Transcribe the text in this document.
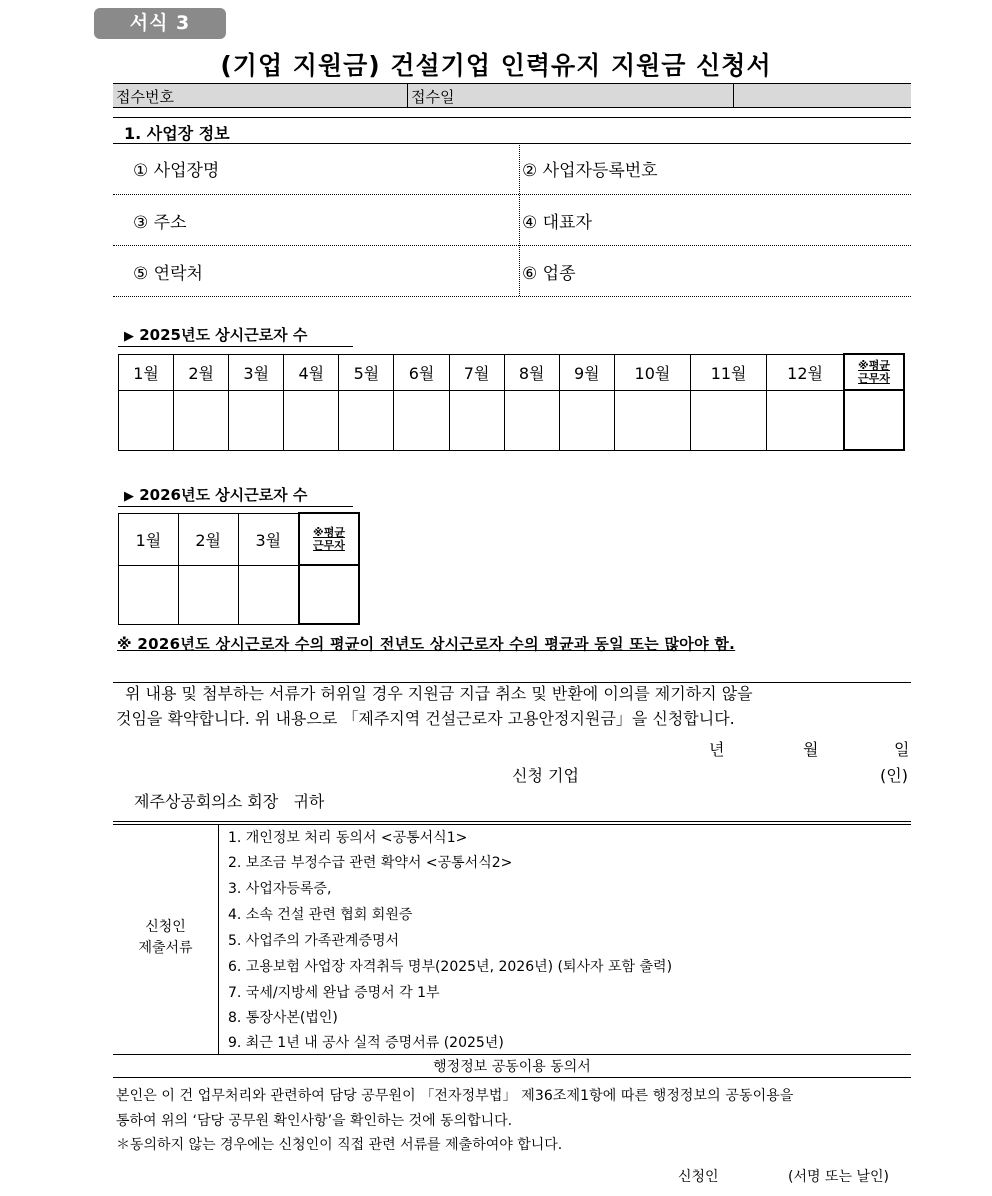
서식 3
(기업 지원금) 건설기업 인력유지 지원금 신청서
접수번호	접수일
1. 사업장 정보
① 사업장명	② 사업자등록번호
③ 주소	④ 대표자
⑤ 연락처	⑥ 업종
▶ 2025년도 상시근로자 수
1월	2월	3월	4월	5월	6월	7월	8월	9월	10월	11월	12월	※평균
근무자

▶ 2026년도 상시근로자 수
1월	2월	3월	※평균
근무자

※ 2026년도 상시근로자 수의 평균이 전년도 상시근로자 수의 평균과 동일 또는 많아야 함.
위 내용 및 첨부하는 서류가 허위일 경우 지원금 지급 취소 및 반환에 이의를 제기하지 않을
것임을 확약합니다. 위 내용으로 「제주지역 건설근로자 고용안정지원금」을 신청합니다.
년	월	일
신청 기업	(인)
제주상공회의소 회장   귀하
신청인
제출서류
1. 개인정보 처리 동의서 <공통서식1>
2. 보조금 부정수급 관련 확약서 <공통서식2>
3. 사업자등록증,
4. 소속 건설 관련 협회 회원증
5. 사업주의 가족관계증명서
6. 고용보험 사업장 자격취득 명부(2025년, 2026년) (퇴사자 포함 출력)
7. 국세/지방세 완납 증명서 각 1부
8. 통장사본(법인)
9. 최근 1년 내 공사 실적 증명서류 (2025년)
행정정보 공동이용 동의서
본인은 이 건 업무처리와 관련하여 담당 공무원이 「전자정부법」 제36조제1항에 따른 행정정보의 공동이용을
통하여 위의 ‘담당 공무원 확인사항’을 확인하는 것에 동의합니다.
＊동의하지 않는 경우에는 신청인이 직접 관련 서류를 제출하여야 합니다.
신청인	(서명 또는 날인)
